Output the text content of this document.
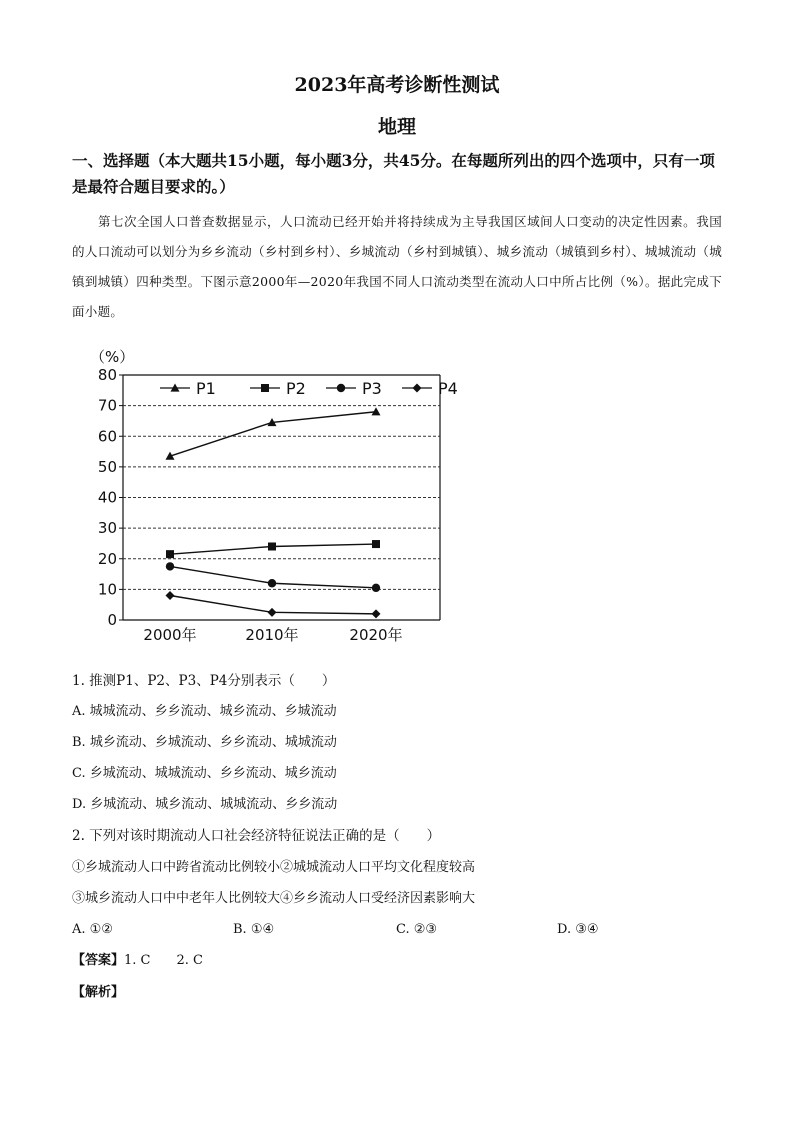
2023年高考诊断性测试
地理
一、选择题（本大题共15小题，每小题3分，共45分。在每题所列出的四个选项中，只有一项是最符合题目要求的。）
第七次全国人口普查数据显示，人口流动已经开始并将持续成为主导我国区域间人口变动的决定性因素。我国的人口流动可以划分为乡乡流动（乡村到乡村）、乡城流动（乡村到城镇）、城乡流动（城镇到乡村）、城城流动（城镇到城镇）四种类型。下图示意2000年—2020年我国不同人口流动类型在流动人口中所占比例（%）。据此完成下面小题。
0
10
20
30
40
50
60
70
80
2000年	2010年	2020年
P1	P2	P3	P4
（%）
1. 推测P1、P2、P3、P4分别表示（　　）
A. 城城流动、乡乡流动、城乡流动、乡城流动
B. 城乡流动、乡城流动、乡乡流动、城城流动
C. 乡城流动、城城流动、乡乡流动、城乡流动
D. 乡城流动、城乡流动、城城流动、乡乡流动
2. 下列对该时期流动人口社会经济特征说法正确的是（　　）
①乡城流动人口中跨省流动比例较小②城城流动人口平均文化程度较高
③城乡流动人口中中老年人比例较大④乡乡流动人口受经济因素影响大
A. ①②	B. ①④	C. ②③	D. ③④
【答案】1. C　　2. C
【解析】
